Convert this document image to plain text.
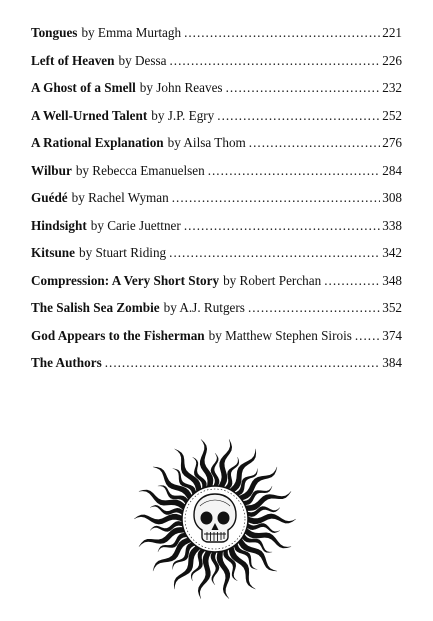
Tongues by Emma Murtagh .....	221
Left of Heaven by Dessa .....	226
A Ghost of a Smell by John Reaves .....	232
A Well-Urned Talent by J.P. Egry .....	252
A Rational Explanation by Ailsa Thom .....	276
Wilbur by Rebecca Emanuelsen .....	284
Guédé by Rachel Wyman .....	308
Hindsight by Carie Juettner .....	338
Kitsune by Stuart Riding .....	342
Compression: A Very Short Story by Robert Perchan .....	348
The Salish Sea Zombie by A.J. Rutgers .....	352
God Appears to the Fisherman by Matthew Stephen Sirois ..... 374
The Authors .....	384
